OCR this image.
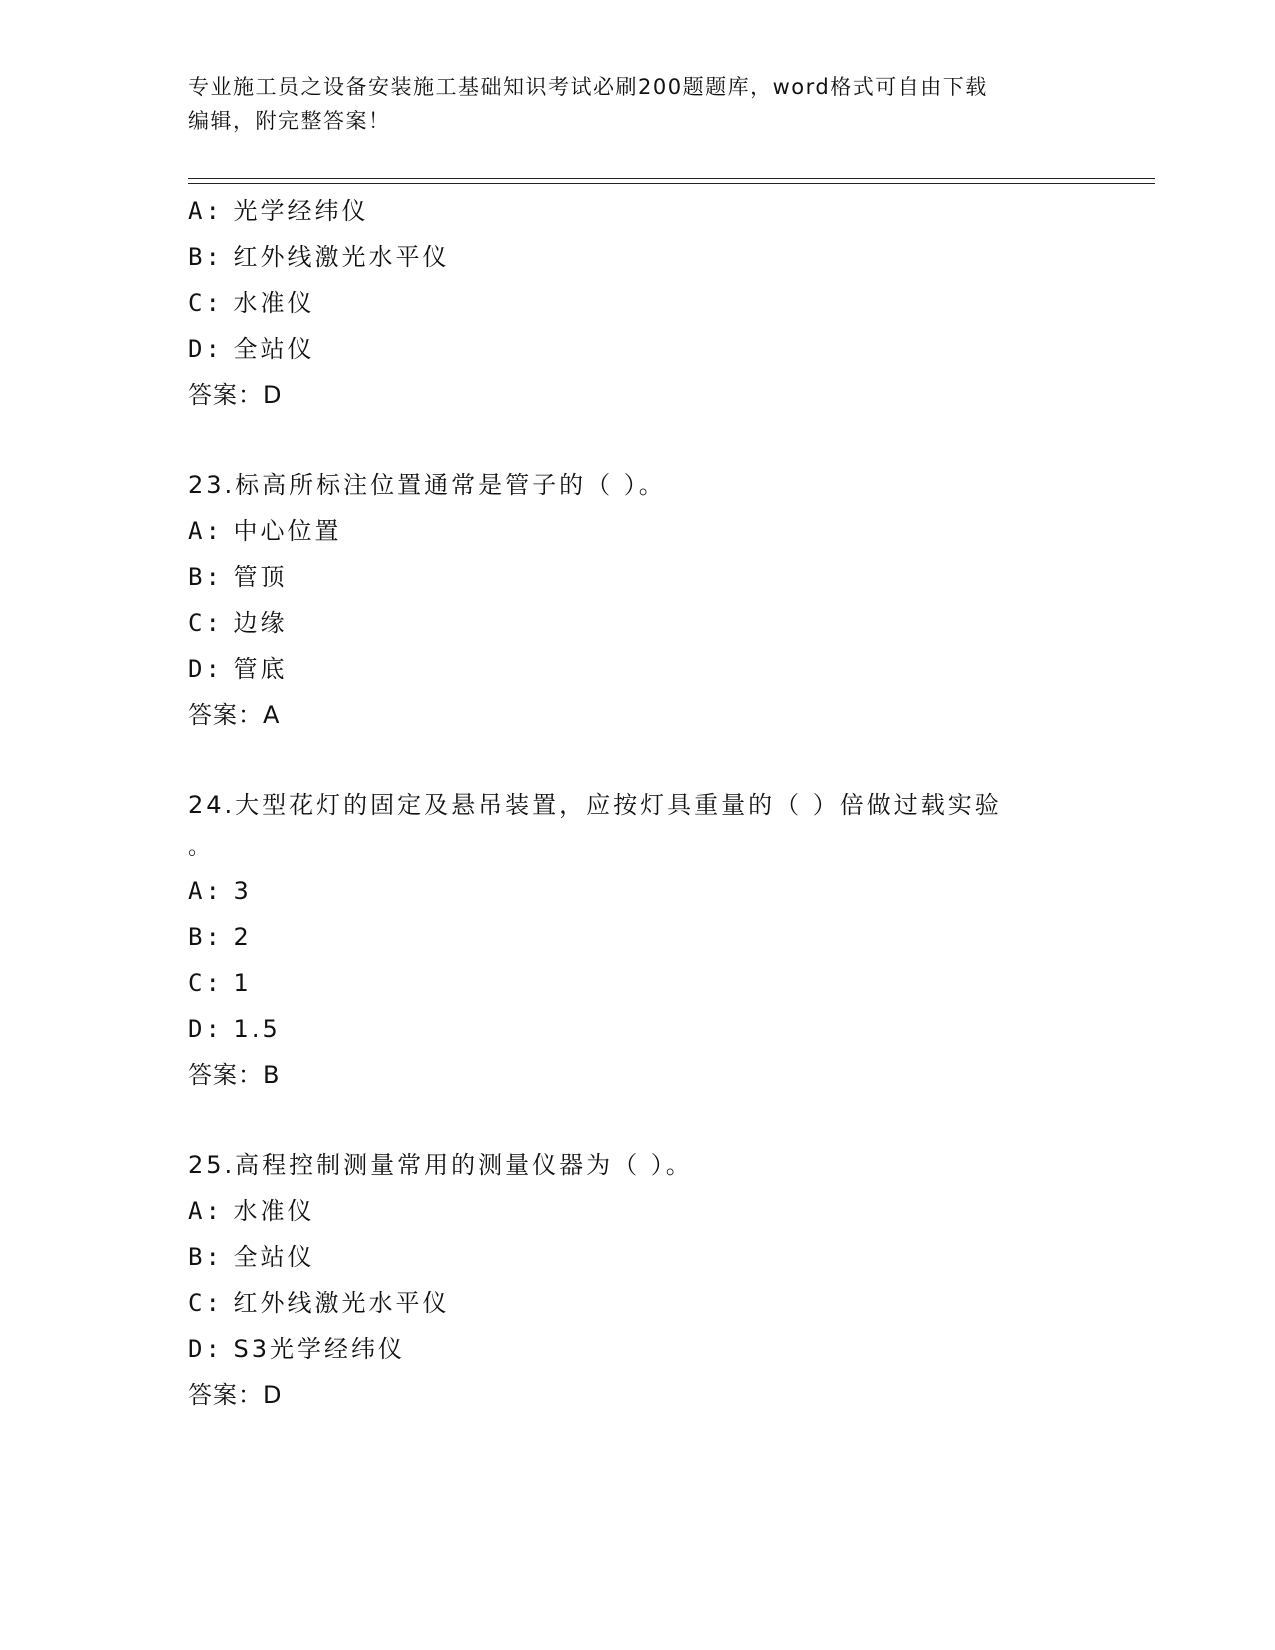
专业施工员之设备安装施工基础知识考试必刷200题题库，word格式可自由下载
编辑，附完整答案！
A: 光学经纬仪
B: 红外线激光水平仪
C: 水准仪
D: 全站仪
答案：D
23.标高所标注位置通常是管子的（ ）。
A: 中心位置
B: 管顶
C: 边缘
D: 管底
答案：A
24.大型花灯的固定及悬吊装置，应按灯具重量的（ ）倍做过载实验
。
A: 3
B: 2
C: 1
D: 1.5
答案：B
25.高程控制测量常用的测量仪器为（ ）。
A: 水准仪
B: 全站仪
C: 红外线激光水平仪
D: S3光学经纬仪
答案：D
